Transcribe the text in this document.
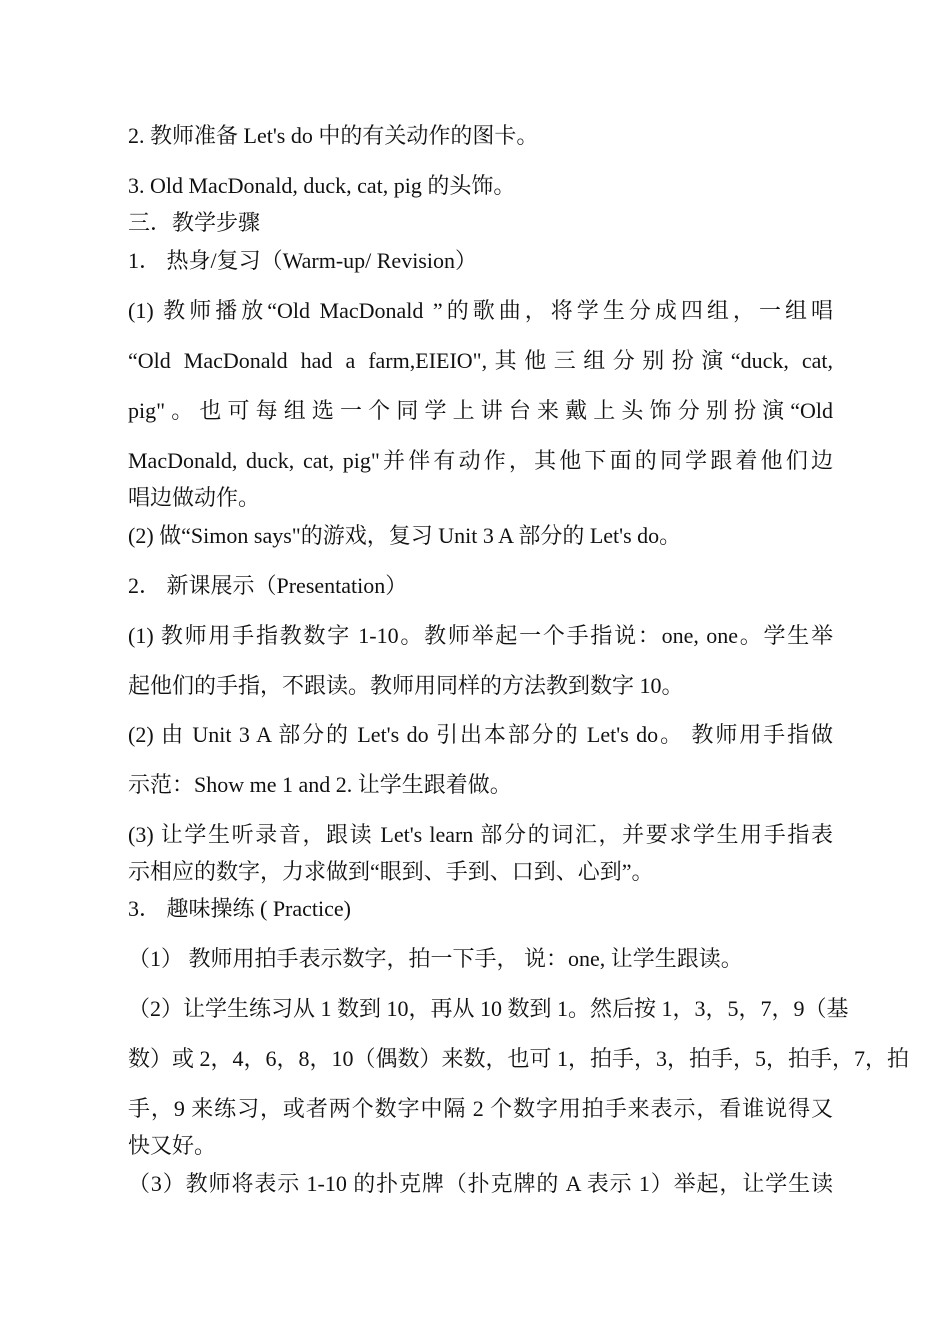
2. 教师准备 Let's do 中的有关动作的图卡。
3. Old MacDonald, duck, cat, pig 的头饰。
三．教学步骤
1． 热身/复习（Warm-up/ Revision）
(1) 教师播放“Old MacDonald ”的歌曲，将学生分成四组，一组唱
“Old MacDonald had a farm,EIEIO",其他三组分别扮演“duck, cat,
pig"。也可每组选一个同学上讲台来戴上头饰分别扮演“Old
MacDonald, duck, cat, pig"并伴有动作，其他下面的同学跟着他们边
唱边做动作。
(2) 做“Simon says"的游戏，复习 Unit 3 A 部分的 Let's do。
2． 新课展示（Presentation）
(1) 教师用手指教数字 1-10。教师举起一个手指说：one, one。学生举
起他们的手指，不跟读。教师用同样的方法教到数字 10。
(2) 由 Unit 3 A 部分的 Let's do 引出本部分的 Let's do。 教师用手指做
示范：Show me 1 and 2. 让学生跟着做。
(3) 让学生听录音，跟读 Let's learn 部分的词汇，并要求学生用手指表
示相应的数字，力求做到“眼到、手到、口到、心到”。
3． 趣味操练 ( Practice)
（1） 教师用拍手表示数字，拍一下手， 说：one, 让学生跟读。
（2）让学生练习从 1 数到 10，再从 10 数到 1。然后按 1，3，5，7，9（基
数）或 2，4，6，8，10（偶数）来数，也可 1，拍手，3，拍手，5，拍手，7，拍
手，9 来练习，或者两个数字中隔 2 个数字用拍手来表示，看谁说得又
快又好。
（3）教师将表示 1-10 的扑克牌（扑克牌的 A 表示 1）举起，让学生读
